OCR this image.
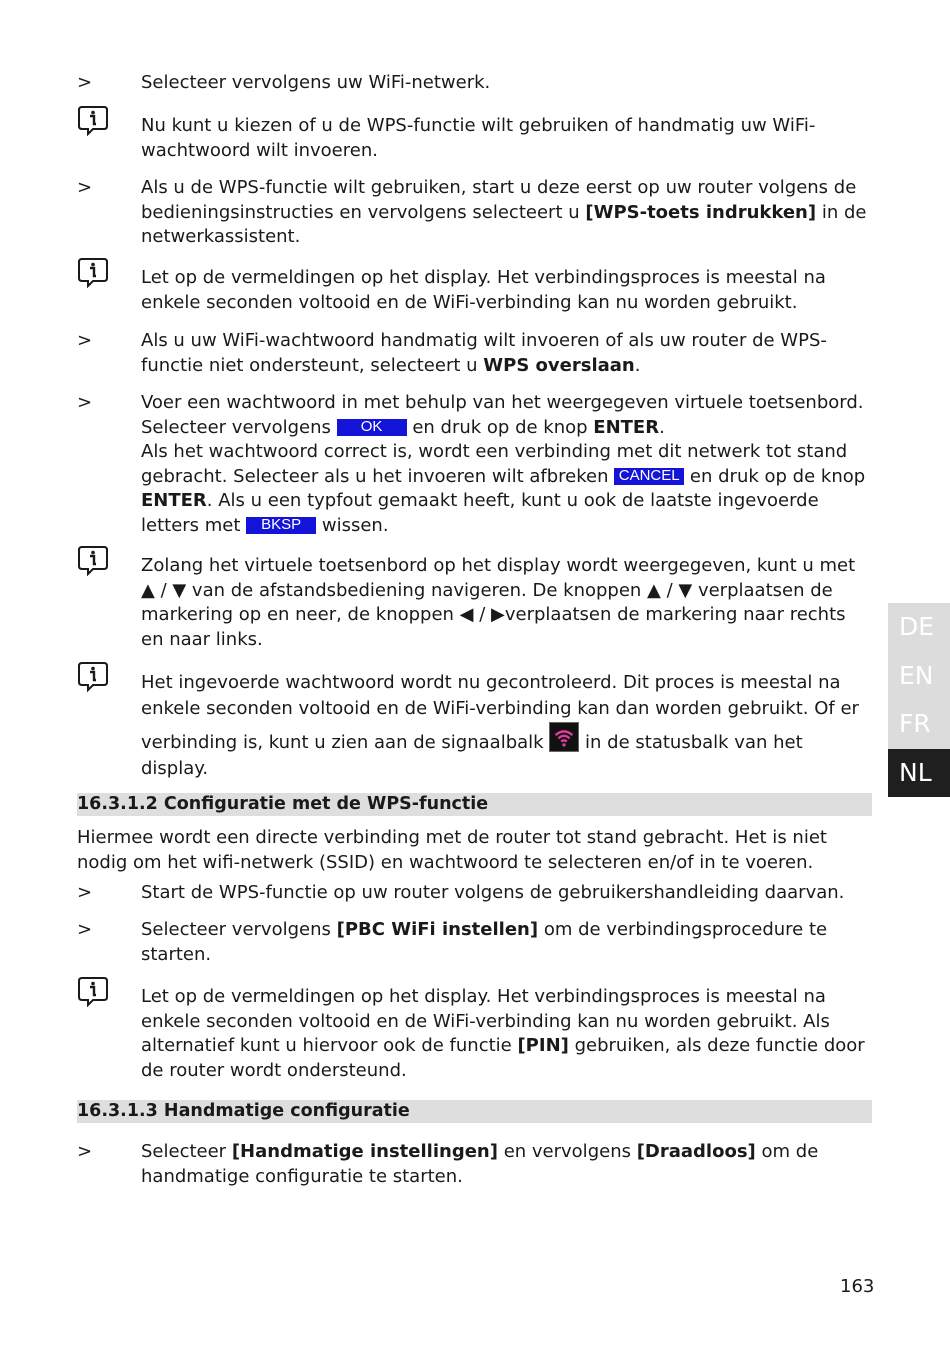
>	Selecteer vervolgens uw WiFi-netwerk.
Nu kunt u kiezen of u de WPS-functie wilt gebruiken of handmatig uw WiFi-wachtwoord wilt invoeren.
>	Als u de WPS-functie wilt gebruiken, start u deze eerst op uw router volgens de bedieningsinstructies en vervolgens selecteert u [WPS-toets indrukken] in de netwerkassistent.
Let op de vermeldingen op het display. Het verbindingsproces is meestal na enkele seconden voltooid en de WiFi-verbinding kan nu worden gebruikt.
>	Als u uw WiFi-wachtwoord handmatig wilt invoeren of als uw router de WPS-functie niet ondersteunt, selecteert u WPS overslaan.
>	Voer een wachtwoord in met behulp van het weergegeven virtuele toetsenbord. Selecteer vervolgens OK en druk op de knop ENTER.
Als het wachtwoord correct is, wordt een verbinding met dit netwerk tot stand gebracht. Selecteer als u het invoeren wilt afbreken CANCEL en druk op de knop ENTER. Als u een typfout gemaakt heeft, kunt u ook de laatste ingevoerde letters met BKSP wissen.
Zolang het virtuele toetsenbord op het display wordt weergegeven, kunt u met ▲ / ▼ van de afstandsbediening navigeren. De knoppen ▲ / ▼ verplaatsen de markering op en neer, de knoppen ◀ / ▶verplaatsen de markering naar rechts en naar links.
Het ingevoerde wachtwoord wordt nu gecontroleerd. Dit proces is meestal na enkele seconden voltooid en de WiFi-verbinding kan dan worden gebruikt. Of er verbinding is, kunt u zien aan de signaalbalk  in de statusbalk van het display.
16.3.1.2 Configuratie met de WPS-functie
Hiermee wordt een directe verbinding met de router tot stand gebracht. Het is niet nodig om het wifi-netwerk (SSID) en wachtwoord te selecteren en/of in te voeren.
>	Start de WPS-functie op uw router volgens de gebruikershandleiding daarvan.
>	Selecteer vervolgens [PBC WiFi instellen] om de verbindingsprocedure te starten.
Let op de vermeldingen op het display. Het verbindingsproces is meestal na enkele seconden voltooid en de WiFi-verbinding kan nu worden gebruikt. Als alternatief kunt u hiervoor ook de functie [PIN] gebruiken, als deze functie door de router wordt ondersteund.
16.3.1.3 Handmatige configuratie
>	Selecteer [Handmatige instellingen] en vervolgens [Draadloos] om de handmatige configuratie te starten.
DE
EN
FR
NL
163
